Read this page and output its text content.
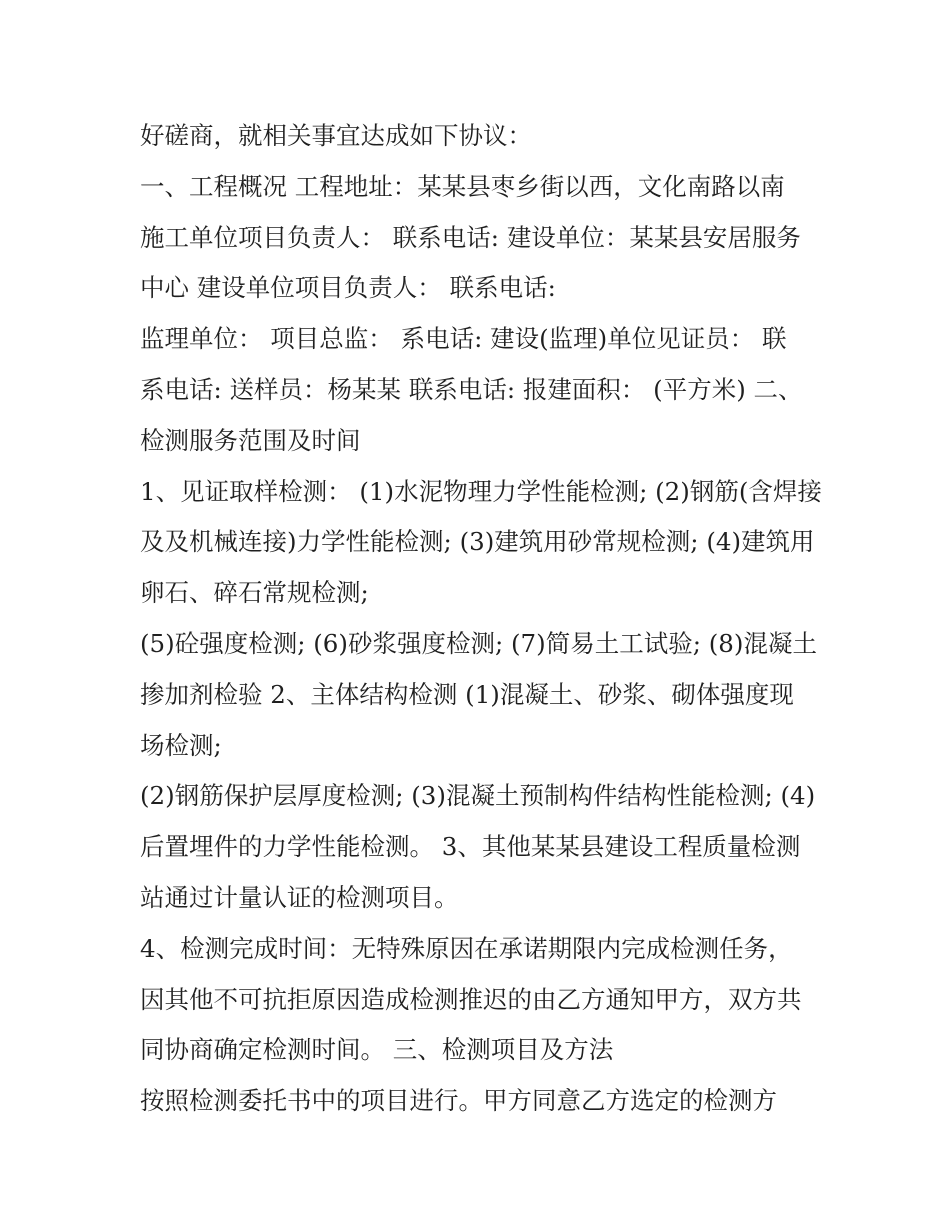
好磋商，就相关事宜达成如下协议：
一、工程概况 工程地址：某某县枣乡街以西，文化南路以南
施工单位项目负责人： 联系电话: 建设单位：某某县安居服务
中心 建设单位项目负责人： 联系电话:
监理单位： 项目总监： 系电话: 建设(监理)单位见证员： 联
系电话: 送样员：杨某某 联系电话: 报建面积： (平方米) 二、
检测服务范围及时间
1、见证取样检测： (1)水泥物理力学性能检测; (2)钢筋(含焊接
及及机械连接)力学性能检测; (3)建筑用砂常规检测; (4)建筑用
卵石、碎石常规检测;
(5)砼强度检测; (6)砂浆强度检测; (7)简易土工试验; (8)混凝土
掺加剂检验 2、主体结构检测 (1)混凝土、砂浆、砌体强度现
场检测;
(2)钢筋保护层厚度检测; (3)混凝土预制构件结构性能检测; (4)
后置埋件的力学性能检测。 3、其他某某县建设工程质量检测
站通过计量认证的检测项目。
4、检测完成时间：无特殊原因在承诺期限内完成检测任务，
因其他不可抗拒原因造成检测推迟的由乙方通知甲方，双方共
同协商确定检测时间。 三、检测项目及方法
按照检测委托书中的项目进行。甲方同意乙方选定的检测方
